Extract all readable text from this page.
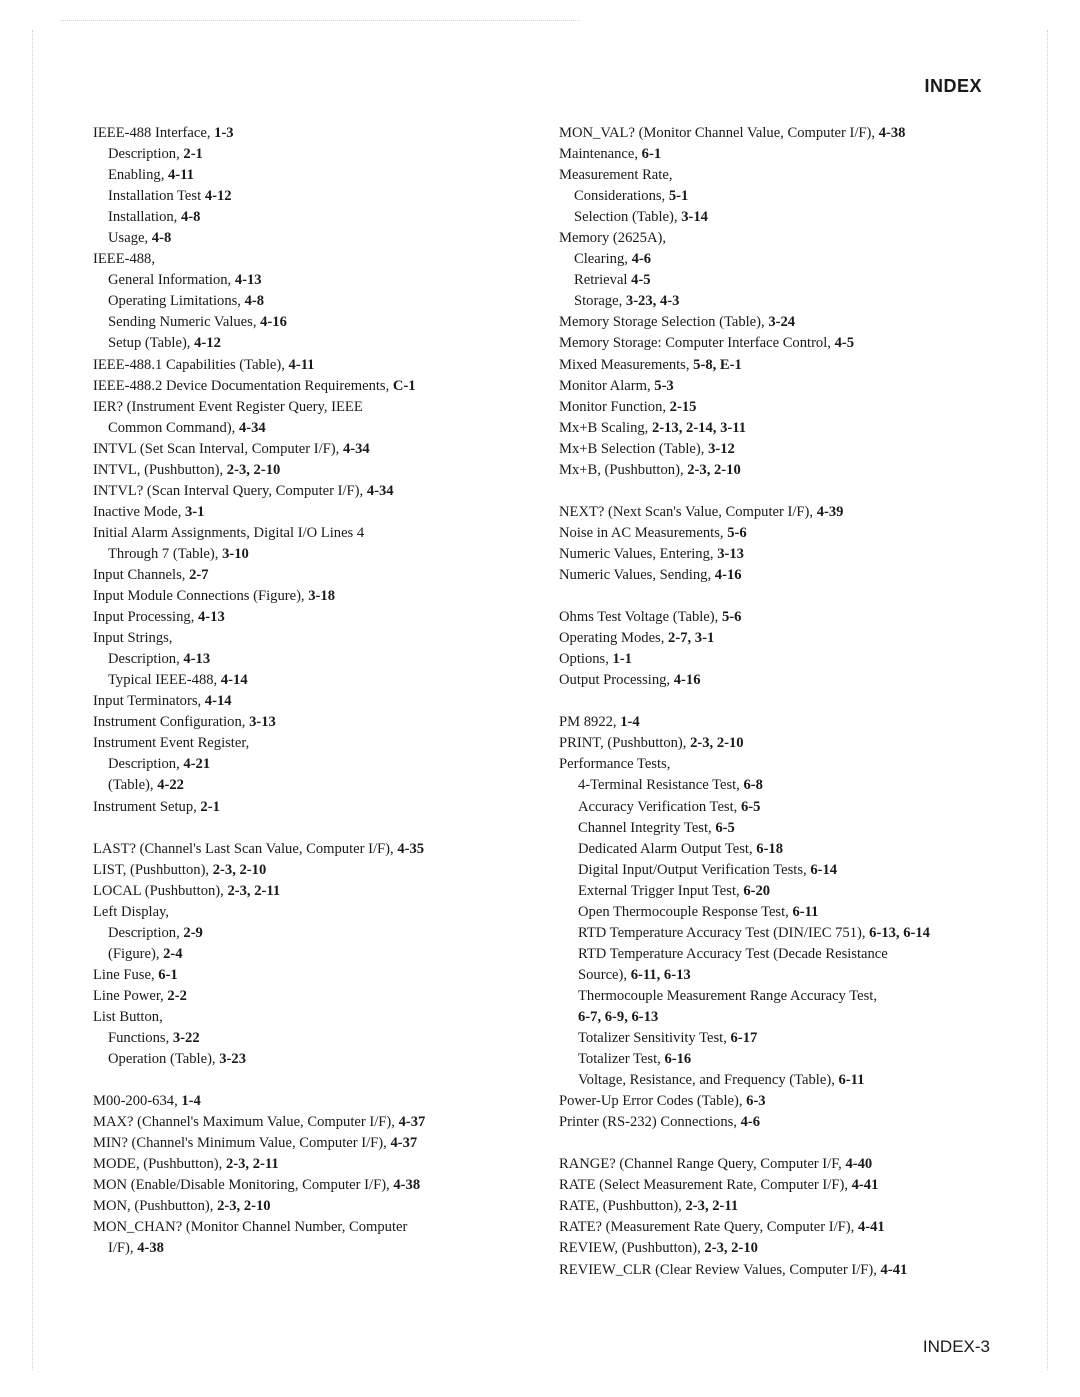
INDEX
IEEE-488 Interface, 1-3
Description, 2-1
Enabling, 4-11
Installation Test 4-12
Installation, 4-8
Usage, 4-8
IEEE-488,
General Information, 4-13
Operating Limitations, 4-8
Sending Numeric Values, 4-16
Setup (Table), 4-12
IEEE-488.1 Capabilities (Table), 4-11
IEEE-488.2 Device Documentation Requirements, C-1
IER? (Instrument Event Register Query, IEEE
Common Command), 4-34
INTVL (Set Scan Interval, Computer I/F), 4-34
INTVL, (Pushbutton), 2-3, 2-10
INTVL? (Scan Interval Query, Computer I/F), 4-34
Inactive Mode, 3-1
Initial Alarm Assignments, Digital I/O Lines 4
Through 7 (Table), 3-10
Input Channels, 2-7
Input Module Connections (Figure), 3-18
Input Processing, 4-13
Input Strings,
Description, 4-13
Typical IEEE-488, 4-14
Input Terminators, 4-14
Instrument Configuration, 3-13
Instrument Event Register,
Description, 4-21
(Table), 4-22
Instrument Setup, 2-1
LAST? (Channel's Last Scan Value, Computer I/F), 4-35
LIST, (Pushbutton), 2-3, 2-10
LOCAL (Pushbutton), 2-3, 2-11
Left Display,
Description, 2-9
(Figure), 2-4
Line Fuse, 6-1
Line Power, 2-2
List Button,
Functions, 3-22
Operation (Table), 3-23
M00-200-634, 1-4
MAX? (Channel's Maximum Value, Computer I/F), 4-37
MIN? (Channel's Minimum Value, Computer I/F), 4-37
MODE, (Pushbutton), 2-3, 2-11
MON (Enable/Disable Monitoring, Computer I/F), 4-38
MON, (Pushbutton), 2-3, 2-10
MON_CHAN? (Monitor Channel Number, Computer
I/F), 4-38
MON_VAL? (Monitor Channel Value, Computer I/F), 4-38
Maintenance, 6-1
Measurement Rate,
Considerations, 5-1
Selection (Table), 3-14
Memory (2625A),
Clearing, 4-6
Retrieval 4-5
Storage, 3-23, 4-3
Memory Storage Selection (Table), 3-24
Memory Storage: Computer Interface Control, 4-5
Mixed Measurements, 5-8, E-1
Monitor Alarm, 5-3
Monitor Function, 2-15
Mx+B Scaling, 2-13, 2-14, 3-11
Mx+B Selection (Table), 3-12
Mx+B, (Pushbutton), 2-3, 2-10
NEXT? (Next Scan's Value, Computer I/F), 4-39
Noise in AC Measurements, 5-6
Numeric Values, Entering, 3-13
Numeric Values, Sending, 4-16
Ohms Test Voltage (Table), 5-6
Operating Modes, 2-7, 3-1
Options, 1-1
Output Processing, 4-16
PM 8922, 1-4
PRINT, (Pushbutton), 2-3, 2-10
Performance Tests,
4-Terminal Resistance Test, 6-8
Accuracy Verification Test, 6-5
Channel Integrity Test, 6-5
Dedicated Alarm Output Test, 6-18
Digital Input/Output Verification Tests, 6-14
External Trigger Input Test, 6-20
Open Thermocouple Response Test, 6-11
RTD Temperature Accuracy Test (DIN/IEC 751), 6-13, 6-14
RTD Temperature Accuracy Test (Decade Resistance
Source), 6-11, 6-13
Thermocouple Measurement Range Accuracy Test,
6-7, 6-9, 6-13
Totalizer Sensitivity Test, 6-17
Totalizer Test, 6-16
Voltage, Resistance, and Frequency (Table), 6-11
Power-Up Error Codes (Table), 6-3
Printer (RS-232) Connections, 4-6
RANGE? (Channel Range Query, Computer I/F, 4-40
RATE (Select Measurement Rate, Computer I/F), 4-41
RATE, (Pushbutton), 2-3, 2-11
RATE? (Measurement Rate Query, Computer I/F), 4-41
REVIEW, (Pushbutton), 2-3, 2-10
REVIEW_CLR (Clear Review Values, Computer I/F), 4-41
INDEX-3
